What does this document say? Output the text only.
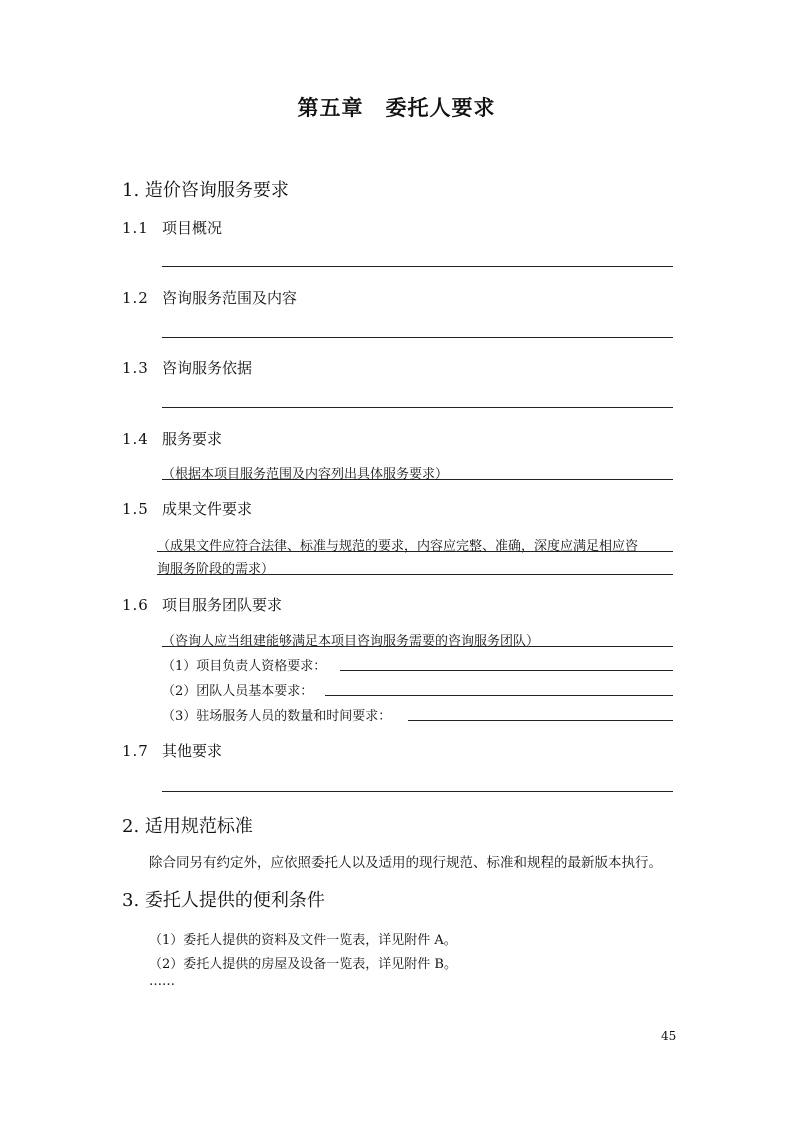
第五章　委托人要求
1. 造价咨询服务要求
1.1 项目概况
1.2 咨询服务范围及内容
1.3 咨询服务依据
1.4 服务要求
（根据本项目服务范围及内容列出具体服务要求）
1.5 成果文件要求
（成果文件应符合法律、标准与规范的要求，内容应完整、准确，深度应满足相应咨
询服务阶段的需求）
1.6 项目服务团队要求
（咨询人应当组建能够满足本项目咨询服务需要的咨询服务团队）
（1）项目负责人资格要求：
（2）团队人员基本要求：
（3）驻场服务人员的数量和时间要求：
1.7 其他要求
2. 适用规范标准
除合同另有约定外，应依照委托人以及适用的现行规范、标准和规程的最新版本执行。
3. 委托人提供的便利条件
（1）委托人提供的资料及文件一览表，详见附件 A。
（2）委托人提供的房屋及设备一览表，详见附件 B。
……
45
